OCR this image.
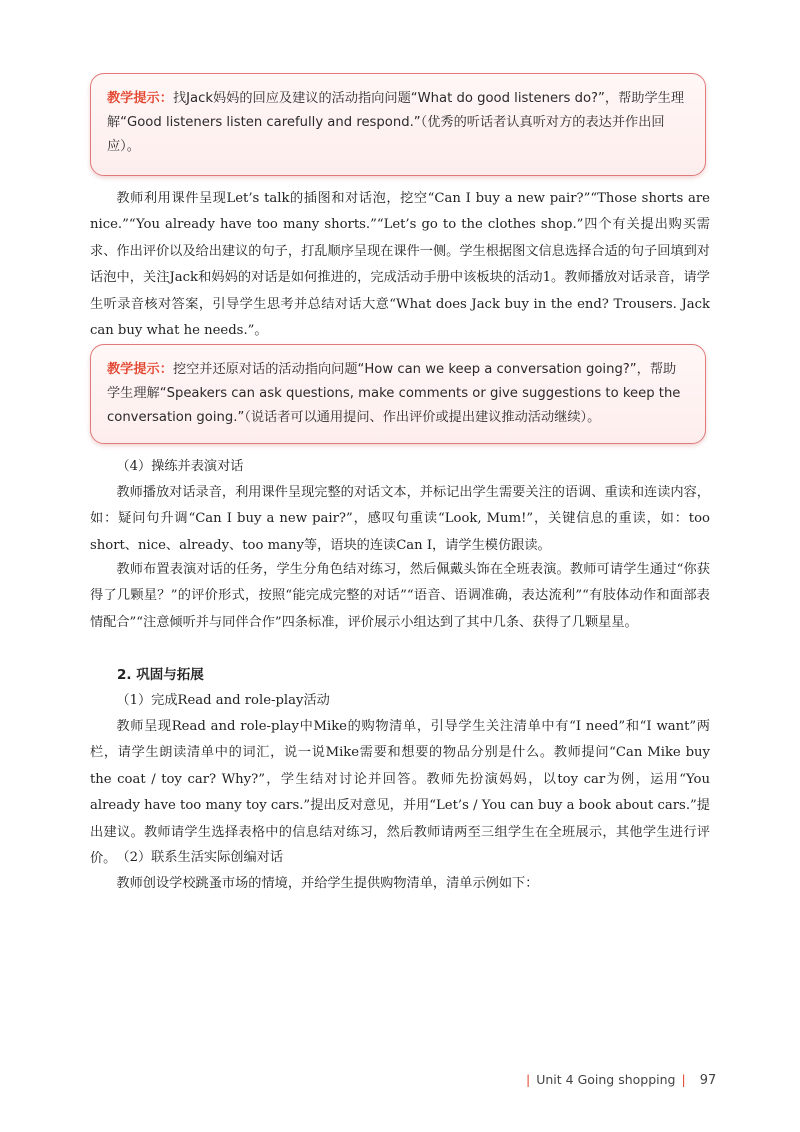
教学提示：找Jack妈妈的回应及建议的活动指向问题“What do good listeners do?”，帮助学生理解“Good listeners listen carefully and respond.”（优秀的听话者认真听对方的表达并作出回应）。
教师利用课件呈现Let’s talk的插图和对话泡，挖空“Can I buy a new pair?”“Those shorts are nice.”“You already have too many shorts.”“Let’s go to the clothes shop.”四个有关提出购买需求、作出评价以及给出建议的句子，打乱顺序呈现在课件一侧。学生根据图文信息选择合适的句子回填到对话泡中，关注Jack和妈妈的对话是如何推进的，完成活动手册中该板块的活动1。教师播放对话录音，请学生听录音核对答案，引导学生思考并总结对话大意“What does Jack buy in the end? Trousers. Jack can buy what he needs.”。
教学提示：挖空并还原对话的活动指向问题“How can we keep a conversation going?”，帮助学生理解“Speakers can ask questions, make comments or give suggestions to keep the conversation going.”（说话者可以通用提问、作出评价或提出建议推动活动继续）。
（4）操练并表演对话
教师播放对话录音，利用课件呈现完整的对话文本，并标记出学生需要关注的语调、重读和连读内容，如：疑问句升调“Can I buy a new pair?”，感叹句重读“Look, Mum!”，关键信息的重读，如：too short、nice、already、too many等，语块的连读Can I，请学生模仿跟读。
教师布置表演对话的任务，学生分角色结对练习，然后佩戴头饰在全班表演。教师可请学生通过“你获得了几颗星？”的评价形式，按照“能完成完整的对话”“语音、语调准确，表达流利”“有肢体动作和面部表情配合”“注意倾听并与同伴合作”四条标准，评价展示小组达到了其中几条、获得了几颗星星。
2. 巩固与拓展
（1）完成Read and role-play活动
教师呈现Read and role-play中Mike的购物清单，引导学生关注清单中有“I need”和“I want”两栏，请学生朗读清单中的词汇，说一说Mike需要和想要的物品分别是什么。教师提问“Can Mike buy the coat / toy car? Why?”，学生结对讨论并回答。教师先扮演妈妈，以toy car为例，运用“You already have too many toy cars.”提出反对意见，并用“Let’s / You can buy a book about cars.”提出建议。教师请学生选择表格中的信息结对练习，然后教师请两至三组学生在全班展示，其他学生进行评价。 （2）联系生活实际创编对话
教师创设学校跳蚤市场的情境，并给学生提供购物清单，清单示例如下：
| Unit 4 Going shopping | 97
